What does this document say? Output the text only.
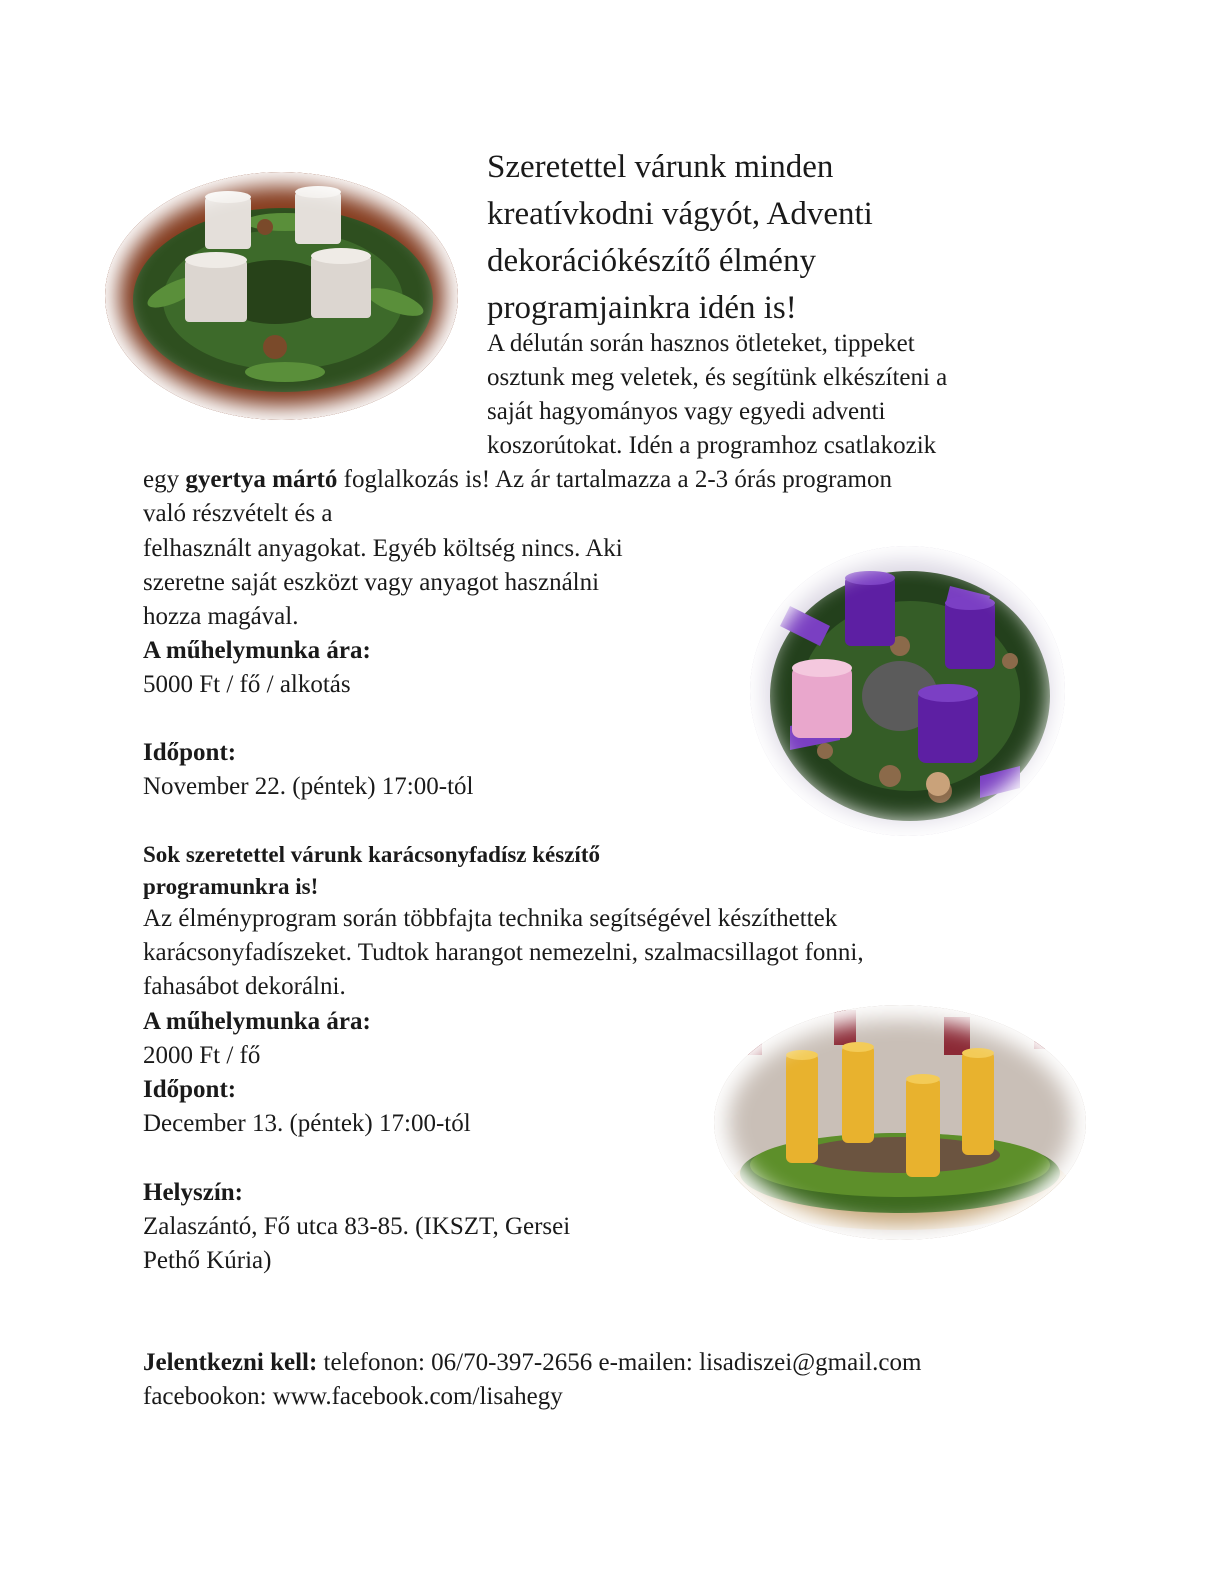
Szeretettel várunk minden
kreatívkodni vágyót, Adventi
dekorációkészítő élmény
programjainkra idén is!

A délután során hasznos ötleteket, tippeket

osztunk meg veletek, és segítünk elkészíteni a

saját hagyományos vagy egyedi adventi

koszorútokat. Idén a programhoz csatlakozik

egy gyertya mártó foglalkozás is! Az ár tartalmazza a 2-3 órás programon

való részvételt és a

felhasznált anyagokat. Egyéb költség nincs. Aki

szeretne saját eszközt vagy anyagot használni

hozza magával.

A műhelymunka ára:

5000 Ft / fő / alkotás

Időpont:

November 22. (péntek) 17:00-tól

Sok szeretettel várunk karácsonyfadísz készítő

programunkra is!

Az élményprogram során többfajta technika segítségével készíthettek

karácsonyfadíszeket. Tudtok harangot nemezelni, szalmacsillagot fonni,

fahasábot dekorálni.

A műhelymunka ára:

2000 Ft / fő

Időpont:

December 13. (péntek) 17:00-tól

Helyszín:

Zalaszántó, Fő utca 83-85. (IKSZT, Gersei

Pethő Kúria)

Jelentkezni kell: telefonon: 06/70-397-2656 e-mailen: lisadiszei@gmail.com

facebookon: www.facebook.com/lisahegy
